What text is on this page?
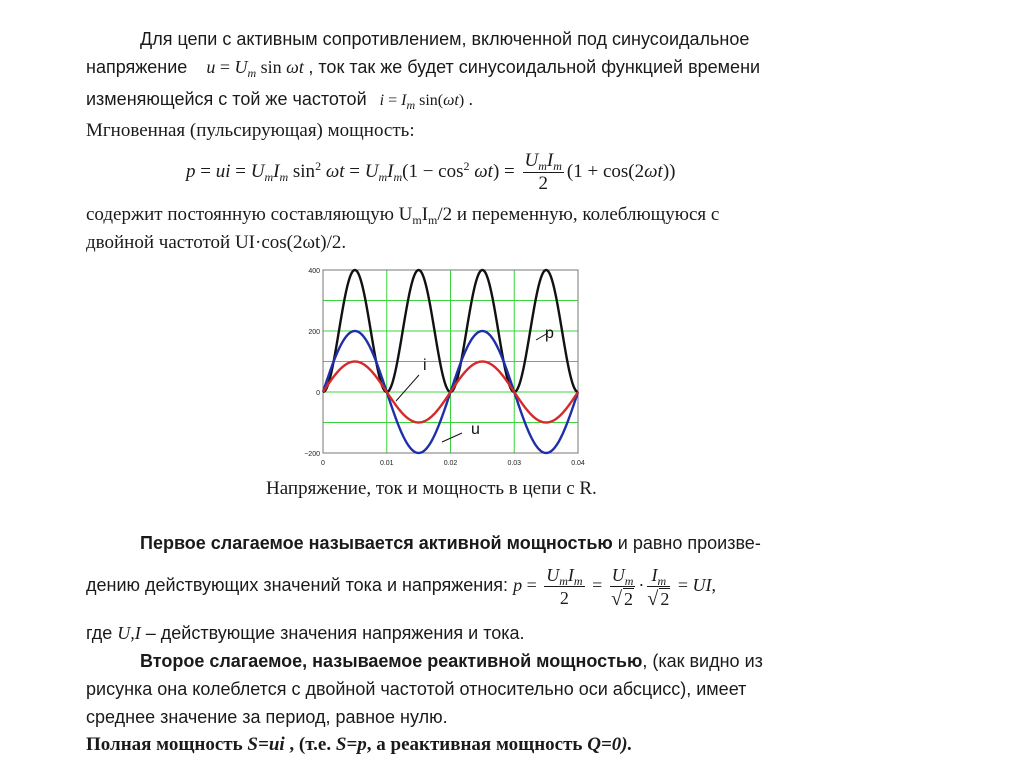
Для цепи с активным сопротивлением, включенной под синусоидальное
напряжение $u = U_m$ sin ωt , ток так же будет синусоидальной функцией времени
изменяющейся с той же частотой $i = I_m$ sin(ωt) .
Мгновенная (пульсирующая) мощность:
p = ui = $U_mI_m$ $\sin^2 \omega t = U_mI_m(1 - \cos^2 \omega t) = \frac{U_mI_m}{2} (1 + \cos(2\omega t))$
содержит постоянную составляющую $U_mI_m/2$ и переменную, колеблющуюся с
двойной частотой UI·cos(2ωt)/2.
0	0.01	0.02	0.03	0.04
400
200
0
−200
p
i
u
Напряжение, ток и мощность в цепи с R.
Первое слагаемое называется активной мощностью и равно произве-
дению действующих значений тока и напряжения: $p = \frac{U_mI_m}{2} = \frac{U_m}{√ 2} \cdot \frac{I_m}{√ 2}$ = UI,
где U,I – действующие значения напряжения и тока.
Второе слагаемое, называемое реактивной мощностью, (как видно из
рисунка она колеблется с двойной частотой относительно оси абсцисс), имеет
среднее значение за период, равное нулю.
Полная мощность S=ui , (т.е. S=p, а реактивная мощность Q=0).
